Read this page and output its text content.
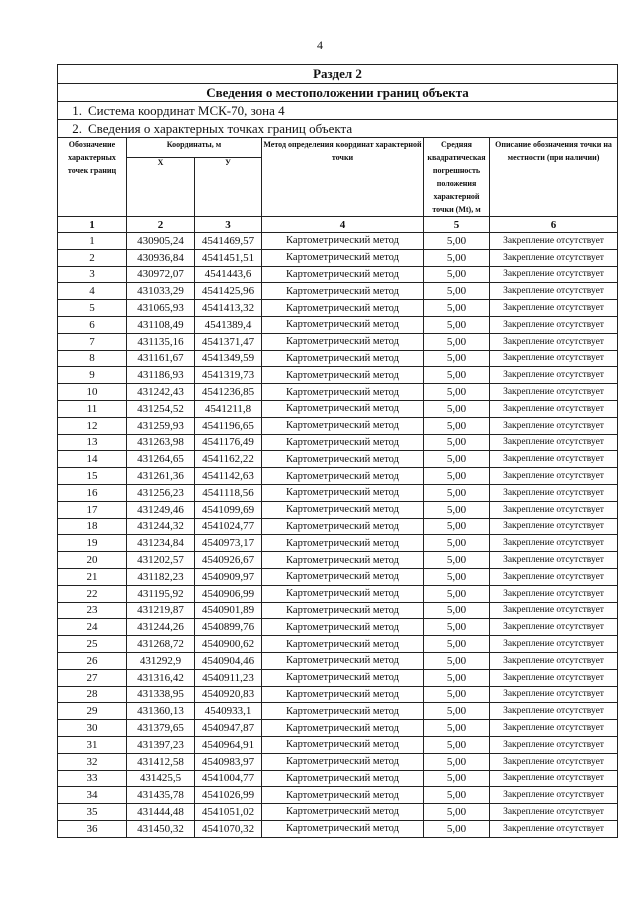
4
Раздел 2					
Сведения о местоположении границ объекта					
1. Система координат МСК-70, зона 4					
2. Сведения о характерных точках границ объекта					
Обозначение характерных точек границ	Координаты, м		Метод определения координат характерной точки	Средняя квадратическая погрешность положения характерной точки (Mt), м	Описание обозначения точки на местности (при наличии)
	X	У			
1	2	3	4	5	6
1	430905,24	4541469,57	Картометрический метод	5,00	Закрепление отсутствует
2	430936,84	4541451,51	Картометрический метод	5,00	Закрепление отсутствует
3	430972,07	4541443,6	Картометрический метод	5,00	Закрепление отсутствует
4	431033,29	4541425,96	Картометрический метод	5,00	Закрепление отсутствует
5	431065,93	4541413,32	Картометрический метод	5,00	Закрепление отсутствует
6	431108,49	4541389,4	Картометрический метод	5,00	Закрепление отсутствует
7	431135,16	4541371,47	Картометрический метод	5,00	Закрепление отсутствует
8	431161,67	4541349,59	Картометрический метод	5,00	Закрепление отсутствует
9	431186,93	4541319,73	Картометрический метод	5,00	Закрепление отсутствует
10	431242,43	4541236,85	Картометрический метод	5,00	Закрепление отсутствует
11	431254,52	4541211,8	Картометрический метод	5,00	Закрепление отсутствует
12	431259,93	4541196,65	Картометрический метод	5,00	Закрепление отсутствует
13	431263,98	4541176,49	Картометрический метод	5,00	Закрепление отсутствует
14	431264,65	4541162,22	Картометрический метод	5,00	Закрепление отсутствует
15	431261,36	4541142,63	Картометрический метод	5,00	Закрепление отсутствует
16	431256,23	4541118,56	Картометрический метод	5,00	Закрепление отсутствует
17	431249,46	4541099,69	Картометрический метод	5,00	Закрепление отсутствует
18	431244,32	4541024,77	Картометрический метод	5,00	Закрепление отсутствует
19	431234,84	4540973,17	Картометрический метод	5,00	Закрепление отсутствует
20	431202,57	4540926,67	Картометрический метод	5,00	Закрепление отсутствует
21	431182,23	4540909,97	Картометрический метод	5,00	Закрепление отсутствует
22	431195,92	4540906,99	Картометрический метод	5,00	Закрепление отсутствует
23	431219,87	4540901,89	Картометрический метод	5,00	Закрепление отсутствует
24	431244,26	4540899,76	Картометрический метод	5,00	Закрепление отсутствует
25	431268,72	4540900,62	Картометрический метод	5,00	Закрепление отсутствует
26	431292,9	4540904,46	Картометрический метод	5,00	Закрепление отсутствует
27	431316,42	4540911,23	Картометрический метод	5,00	Закрепление отсутствует
28	431338,95	4540920,83	Картометрический метод	5,00	Закрепление отсутствует
29	431360,13	4540933,1	Картометрический метод	5,00	Закрепление отсутствует
30	431379,65	4540947,87	Картометрический метод	5,00	Закрепление отсутствует
31	431397,23	4540964,91	Картометрический метод	5,00	Закрепление отсутствует
32	431412,58	4540983,97	Картометрический метод	5,00	Закрепление отсутствует
33	431425,5	4541004,77	Картометрический метод	5,00	Закрепление отсутствует
34	431435,78	4541026,99	Картометрический метод	5,00	Закрепление отсутствует
35	431444,48	4541051,02	Картометрический метод	5,00	Закрепление отсутствует
36	431450,32	4541070,32	Картометрический метод	5,00	Закрепление отсутствует
